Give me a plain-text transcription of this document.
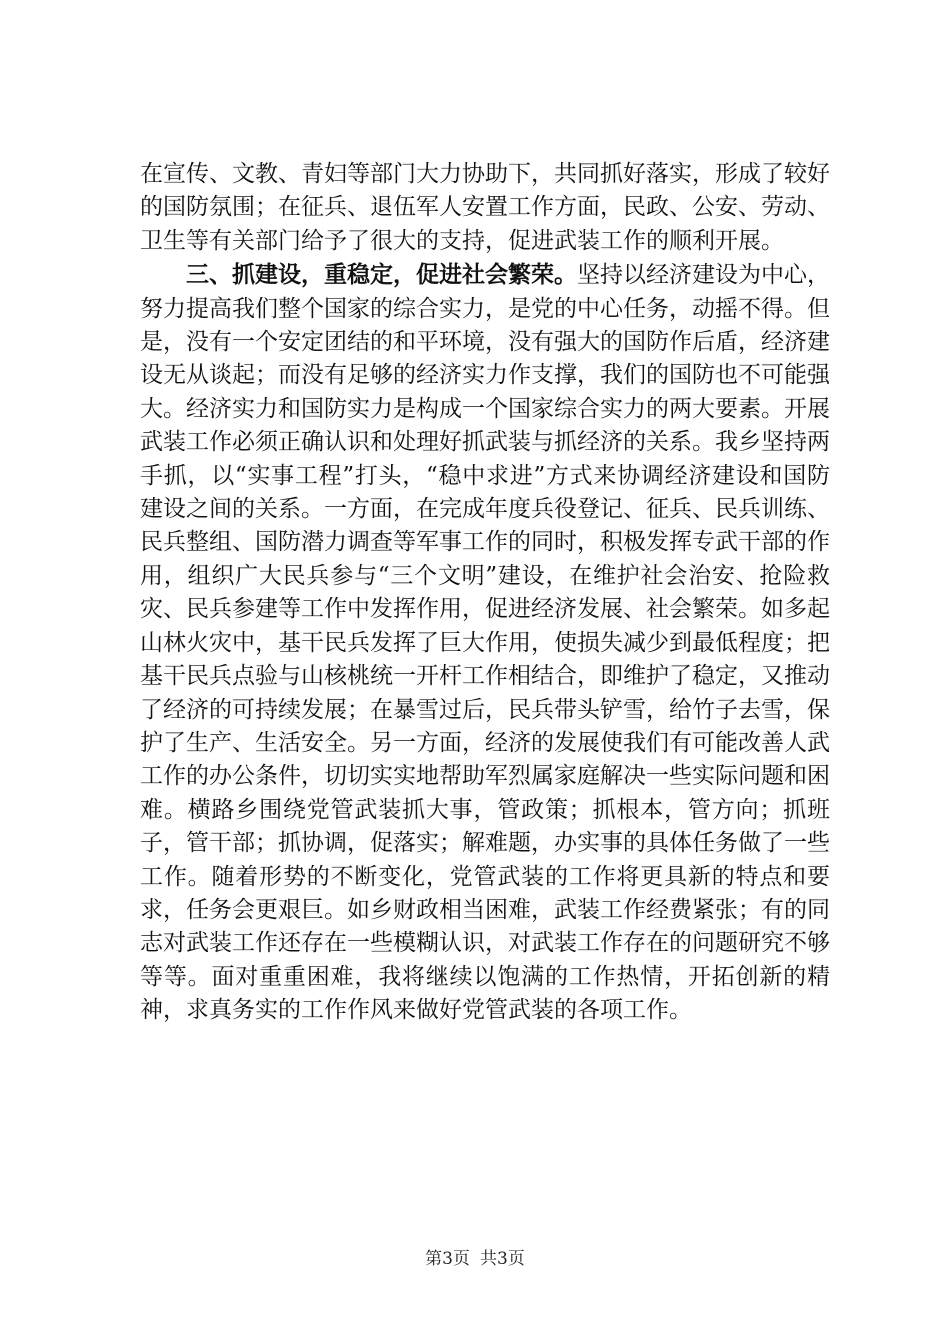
在宣传、文教、青妇等部门大力协助下，共同抓好落实，形成了较好的国防氛围；在征兵、退伍军人安置工作方面，民政、公安、劳动、卫生等有关部门给予了很大的支持，促进武装工作的顺利开展。

三、抓建设，重稳定，促进社会繁荣。坚持以经济建设为中心，努力提高我们整个国家的综合实力，是党的中心任务，动摇不得。但是，没有一个安定团结的和平环境，没有强大的国防作后盾，经济建设无从谈起；而没有足够的经济实力作支撑，我们的国防也不可能强大。经济实力和国防实力是构成一个国家综合实力的两大要素。开展武装工作必须正确认识和处理好抓武装与抓经济的关系。我乡坚持两手抓，以“实事工程”打头，“稳中求进”方式来协调经济建设和国防建设之间的关系。一方面，在完成年度兵役登记、征兵、民兵训练、民兵整组、国防潜力调查等军事工作的同时，积极发挥专武干部的作用，组织广大民兵参与“三个文明”建设，在维护社会治安、抢险救灾、民兵参建等工作中发挥作用，促进经济发展、社会繁荣。如多起山林火灾中，基干民兵发挥了巨大作用，使损失减少到最低程度；把基干民兵点验与山核桃统一开杆工作相结合，即维护了稳定，又推动了经济的可持续发展；在暴雪过后，民兵带头铲雪，给竹子去雪，保护了生产、生活安全。另一方面，经济的发展使我们有可能改善人武工作的办公条件，切切实实地帮助军烈属家庭解决一些实际问题和困难。横路乡围绕党管武装抓大事，管政策；抓根本，管方向；抓班子，管干部；抓协调，促落实；解难题，办实事的具体任务做了一些工作。随着形势的不断变化，党管武装的工作将更具新的特点和要求，任务会更艰巨。如乡财政相当困难，武装工作经费紧张；有的同志对武装工作还存在一些模糊认识，对武装工作存在的问题研究不够等等。面对重重困难，我将继续以饱满的工作热情，开拓创新的精神，求真务实的工作作风来做好党管武装的各项工作。

第3页 共3页
